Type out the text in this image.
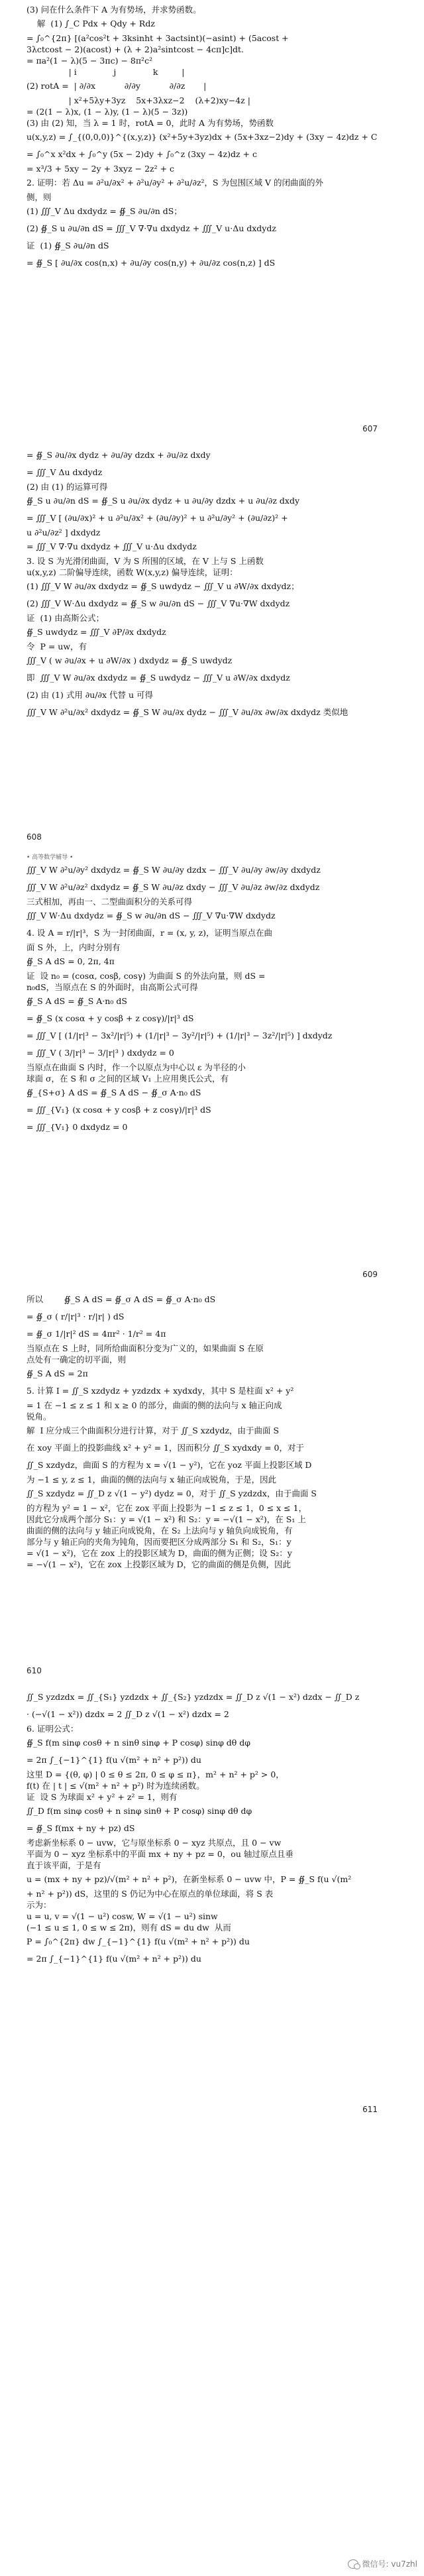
(3) 问在什么条件下 A 为有势场，并求势函数。
解  (1) ∫_C Pdx + Qdy + Rdz
= ∫₀^{2π} [(a²cos²t + 3ksinht + 3actsint)(−asint) + (5acost +
3λctcost − 2)(acost) + (λ + 2)a²sintcost − 4cπ]c]dt.
= πa²(1 − λ)(5 − 3πc) − 8π²c²
| i              j              k         |
(2) rotA =  | ∂/∂x           ∂/∂y           ∂/∂z       |
| x²+5λy+3yz    5x+3λxz−2    (λ+2)xy−4z |
= (2(1 − λ)x, (1 − λ)y, (1 − λ)(5 − 3z))
(3) 由 (2) 知，当 λ = 1 时，rotA = 0，此时 A 为有势场，势函数
u(x,y,z) = ∫_{(0,0,0)}^{(x,y,z)} (x²+5y+3yz)dx + (5x+3xz−2)dy + (3xy − 4z)dz + C
= ∫₀^x x²dx + ∫₀^y (5x − 2)dy + ∫₀^z (3xy − 4z)dz + c
= x³/3 + 5xy − 2y + 3xyz − 2z² + c
2. 证明：若 Δu = ∂²u/∂x² + ∂²u/∂y² + ∂²u/∂z²，S 为包围区域 V 的闭曲面的外
侧，则
(1) ∭_V Δu dxdydz = ∯_S ∂u/∂n dS；
(2) ∯_S u ∂u/∂n dS = ∭_V ∇·∇u dxdydz + ∭_V u·Δu dxdydz
证  (1) ∯_S ∂u/∂n dS
= ∯_S [ ∂u/∂x cos(n,x) + ∂u/∂y cos(n,y) + ∂u/∂z cos(n,z) ] dS
607
= ∯_S ∂u/∂x dydz + ∂u/∂y dzdx + ∂u/∂z dxdy
= ∭_V Δu dxdydz
(2) 由 (1) 的运算可得
∯_S u ∂u/∂n dS = ∯_S u ∂u/∂x dydz + u ∂u/∂y dzdx + u ∂u/∂z dxdy
= ∭_V [ (∂u/∂x)² + u ∂²u/∂x² + (∂u/∂y)² + u ∂²u/∂y² + (∂u/∂z)² +
u ∂²u/∂z² ] dxdydz
= ∭_V ∇·∇u dxdydz + ∭_V u·Δu dxdydz
3. 设 S 为光滑闭曲面，V 为 S 所围的区域，在 V 上与 S 上函数
u(x,y,z) 二阶偏导连续，函数 W(x,y,z) 偏导连续，证明：
(1) ∭_V W ∂u/∂x dxdydz = ∯_S uwdydz − ∭_V u ∂W/∂x dxdydz；
(2) ∭_V W·Δu dxdydz = ∯_S w ∂u/∂n dS − ∭_V ∇u·∇W dxdydz
证  (1) 由高斯公式；
∯_S uwdydz = ∭_V ∂P/∂x dxdydz
令  P = uw，有
∭_V ( w ∂u/∂x + u ∂W/∂x ) dxdydz = ∯_S uwdydz
即  ∭_V W ∂u/∂x dxdydz = ∯_S uwdydz − ∭_V u ∂W/∂x dxdydz
(2) 由 (1) 式用 ∂u/∂x 代替 u 可得
∭_V W ∂²u/∂x² dxdydz = ∯_S W ∂u/∂x dydz − ∭_V ∂u/∂x ∂w/∂x dxdydz 类似地
608
• 高等数学辅导 •
∭_V W ∂²u/∂y² dxdydz = ∯_S W ∂u/∂y dzdx − ∭_V ∂u/∂y ∂w/∂y dxdydz
∭_V W ∂²u/∂z² dxdydz = ∯_S W ∂u/∂z dxdy − ∭_V ∂u/∂z ∂w/∂z dxdydz
三式相加，再由一、二型曲面积分的关系可得
∭_V W·Δu dxdydz = ∯_S w ∂u/∂n dS − ∭_V ∇u·∇W dxdydz
4. 设 A = r/|r|³，S 为一封闭曲面，r = (x, y, z)，证明当原点在曲
面 S 外，上，内时分别有
∯_S A dS = 0, 2π, 4π
证  设 n₀ = (cosα, cosβ, cosγ) 为曲面 S 的外法向量，则 dS =
n₀dS，当原点在 S 的外面时，由高斯公式可得
∯_S A dS = ∯_S A·n₀ dS
= ∯_S (x cosα + y cosβ + z cosγ)/|r|³ dS
= ∭_V [ (1/|r|³ − 3x²/|r|⁵) + (1/|r|³ − 3y²/|r|⁵) + (1/|r|³ − 3z²/|r|⁵) ] dxdydz
= ∭_V ( 3/|r|³ − 3/|r|³ ) dxdydz = 0
当原点在曲面 S 内时，作一个以原点为中心以 ε 为半径的小
球面 σ，在 S 和 σ 之间的区域 V₁ 上应用奥氏公式，有
∯_{S+σ} A dS = ∯_S A dS − ∯_σ A·n₀ dS
= ∭_{V₁} (x cosα + y cosβ + z cosγ)/|r|³ dS
= ∭_{V₁} 0 dxdydz = 0
609
所以        ∯_S A dS = ∯_σ A dS = ∯_σ A·n₀ dS
= ∯_σ ( r/|r|³ · r/|r| ) dS
= ∯_σ 1/|r|² dS = 4πr² · 1/r² = 4π
当原点在 S 上时，同所给曲面积分变为广义的，如果曲面 S 在原
点处有一确定的切平面，则
∯_S A dS = 2π
5. 计算 I = ∬_S xzdydz + yzdzdx + xydxdy，其中 S 是柱面 x² + y²
= 1 在 −1 ≤ z ≤ 1 和 x ≥ 0 的部分，曲面的侧的法向与 x 轴正向成
锐角。
解  I 应分成三个曲面积分进行计算，对于 ∬_S xzdydz，由于曲面 S
在 xoy 平面上的投影曲线 x² + y² = 1，因而积分 ∬_S xydxdy = 0，对于
∬_S xzdydz，曲面 S 的方程为 x = √(1 − y²)，它在 yoz 平面上投影区域 D
为 −1 ≤ y, z ≤ 1，曲面的侧的法向与 x 轴正向成锐角，于是，因此
∬_S xzdydz = ∬_D z √(1 − y²) dydz = 0，对于 ∬_S yzdzdx，由于曲面 S
的方程为 y² = 1 − x²，它在 zox 平面上投影为 −1 ≤ z ≤ 1，0 ≤ x ≤ 1，
因此它分成两个部分 S₁：y = √(1 − x²) 和 S₂：y = −√(1 − x²)，在 S₁ 上
曲面的侧的法向与 y 轴正向成锐角，在 S₂ 上法向与 y 轴负向成锐角，有
部分与 y 轴正向的夹角为钝角，因而要把区分成两部分 S₁ 和 S₂，S₁：y
= √(1 − x²)，它在 zox 上的投影区域为 D，曲面的侧为正侧；设 S₂：y
= −√(1 − x²)，它在 zox 上投影区域为 D，它的曲面的侧是负侧，因此
610
∬_S yzdzdx = ∬_{S₁} yzdzdx + ∬_{S₂} yzdzdx = ∬_D z √(1 − x²) dzdx − ∬_D z
· (−√(1 − x²)) dzdx = 2 ∬_D z √(1 − x²) dzdx = 2
6. 证明公式：
∯_S f(m sinφ cosθ + n sinθ sinφ + P cosφ) sinφ dθ dφ
= 2π ∫_{−1}^{1} f(u √(m² + n² + p²)) du
这里 D = {(θ, φ) | 0 ≤ θ ≤ 2π, 0 ≤ φ ≤ π}，m² + n² + p² > 0，
f(t) 在 | t | ≤ √(m² + n² + p²) 时为连续函数。
证  设 S 为球面 x² + y² + z² = 1，则有
∬_D f(m sinφ cosθ + n sinφ sinθ + P cosφ) sinφ dθ dφ
= ∯_S f(mx + ny + pz) dS
考虑新坐标系 0 − uvw，它与原坐标系 0 − xyz 共原点，且 0 − vw
平面为 0 − xyz 坐标系中的平面 mx + ny + pz = 0，ou 轴过原点且垂
直于该平面，于是有
u = (mx + ny + pz)/√(m² + n² + p²)，在新坐标系 0 − uvw 中，P = ∯_S f(u √(m²
+ n² + p²)) dS，这里的 S 仍记为中心在原点的单位球面，将 S 表
示为：
u = u, v = √(1 − u²) cosw, W = √(1 − u²) sinw
(−1 ≤ u ≤ 1, 0 ≤ w ≤ 2π)，则有 dS = du dw  从而
P = ∫₀^{2π} dw ∫_{−1}^{1} f(u √(m² + n² + p²)) du
= 2π ∫_{−1}^{1} f(u √(m² + n² + p²)) du
611
微信号: vu7zhl
